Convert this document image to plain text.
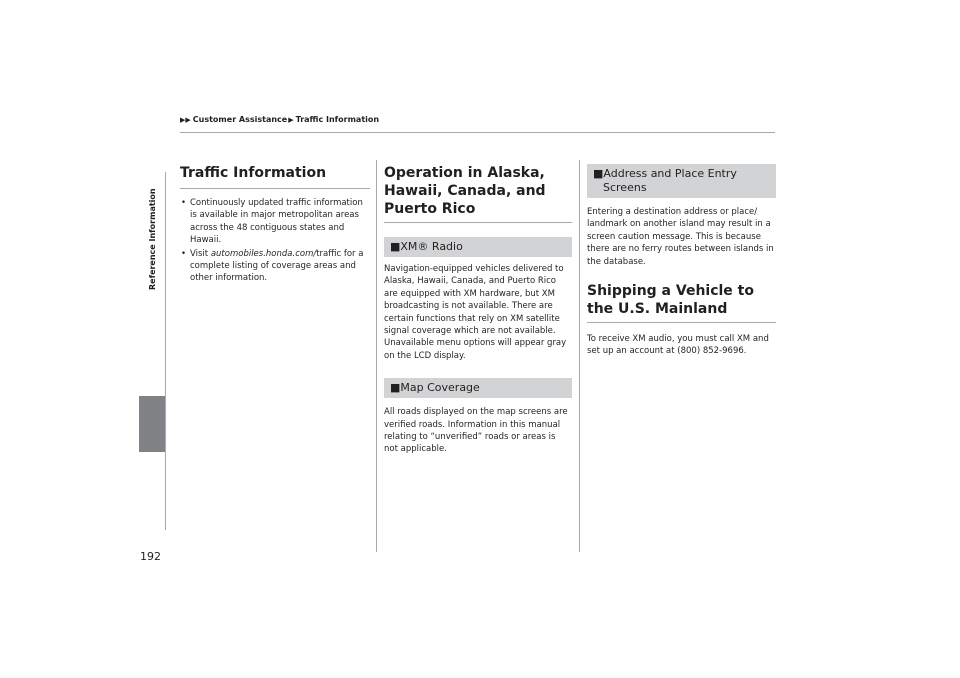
▶▶ Customer Assistance▶ Traffic Information
Reference Information
192
Traffic Information
• Continuously updated traffic information is available in major metropolitan areas across the 48 contiguous states and Hawaii.
• Visit automobiles.honda.com/traffic for a complete listing of coverage areas and other information.
Operation in Alaska, Hawaii, Canada, and Puerto Rico
■XM® Radio
Navigation-equipped vehicles delivered to Alaska, Hawaii, Canada, and Puerto Rico are equipped with XM hardware, but XM broadcasting is not available. There are certain functions that rely on XM satellite signal coverage which are not available. Unavailable menu options will appear gray on the LCD display.
■Map Coverage
All roads displayed on the map screens are verified roads. Information in this manual relating to “unverified” roads or areas is not applicable.
■Address and Place Entry Screens
Entering a destination address or place/ landmark on another island may result in a screen caution message. This is because there are no ferry routes between islands in the database.
Shipping a Vehicle to the U.S. Mainland
To receive XM audio, you must call XM and set up an account at (800) 852-9696.
